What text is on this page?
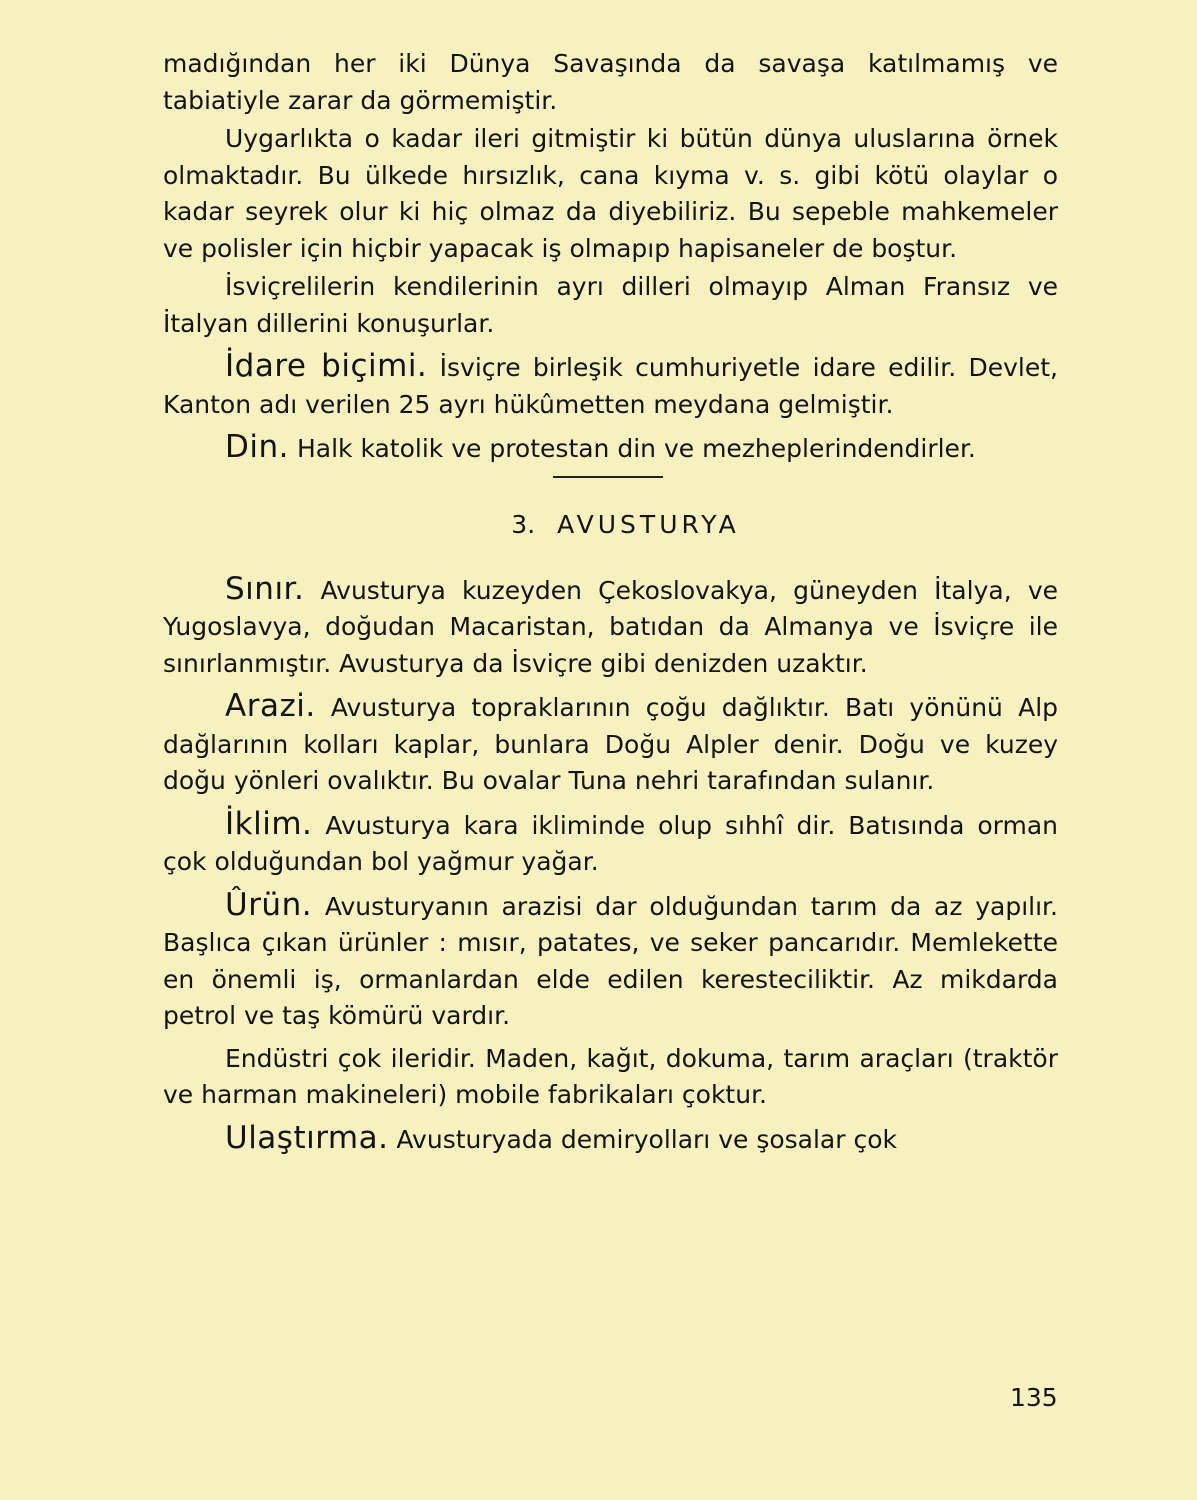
madığından her iki Dünya Savaşında da savaşa katılmamış ve tabiatiyle zarar da görmemiştir.

Uygarlıkta o kadar ileri gitmiştir ki bütün dünya uluslarına örnek olmaktadır. Bu ülkede hırsızlık, cana kıyma v. s. gibi kötü olaylar o kadar seyrek olur ki hiç olmaz da diyebiliriz. Bu sepeble mahkemeler ve polisler için hiçbir yapacak iş olmapıp hapisaneler de boştur.

İsviçrelilerin kendilerinin ayrı dilleri olmayıp Alman Fransız ve İtalyan dillerini konuşurlar.

İdare biçimi. İsviçre birleşik cumhuriyetle idare edilir. Devlet, Kanton adı verilen 25 ayrı hükûmetten meydana gelmiştir.

Din. Halk katolik ve protestan din ve mezheplerindendirler.

3. AVUSTURYA

Sınır. Avusturya kuzeyden Çekoslovakya, güneyden İtalya, ve Yugoslavya, doğudan Macaristan, batıdan da Almanya ve İsviçre ile sınırlanmıştır. Avusturya da İsviçre gibi denizden uzaktır.

Arazi. Avusturya topraklarının çoğu dağlıktır. Batı yönünü Alp dağlarının kolları kaplar, bunlara Doğu Alpler denir. Doğu ve kuzey doğu yönleri ovalıktır. Bu ovalar Tuna nehri tarafından sulanır.

İklim. Avusturya kara ikliminde olup sıhhî dir. Batısında orman çok olduğundan bol yağmur yağar.

Ûrün. Avusturyanın arazisi dar olduğundan tarım da az yapılır. Başlıca çıkan ürünler : mısır, patates, ve seker pancarıdır. Memlekette en önemli iş, ormanlardan elde edilen keresteciliktir. Az mikdarda petrol ve taş kömürü vardır.

Endüstri çok ileridir. Maden, kağıt, dokuma, tarım araçları (traktör ve harman makineleri) mobile fabrikaları çoktur.

Ulaştırma. Avusturyada demiryolları ve şosalar çok

135
